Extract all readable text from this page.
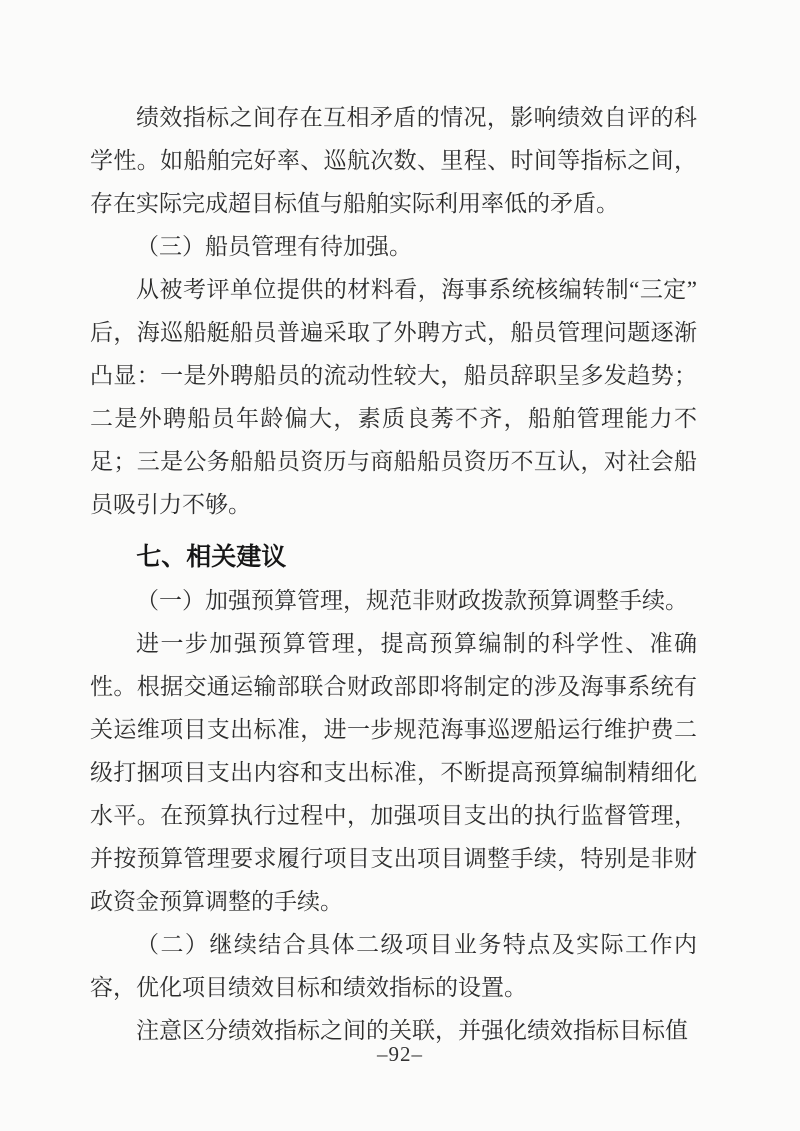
绩效指标之间存在互相矛盾的情况，影响绩效自评的科学性。如船舶完好率、巡航次数、里程、时间等指标之间，存在实际完成超目标值与船舶实际利用率低的矛盾。

（三）船员管理有待加强。

从被考评单位提供的材料看，海事系统核编转制“三定”后，海巡船艇船员普遍采取了外聘方式，船员管理问题逐渐凸显：一是外聘船员的流动性较大，船员辞职呈多发趋势；二是外聘船员年龄偏大，素质良莠不齐，船舶管理能力不足；三是公务船船员资历与商船船员资历不互认，对社会船员吸引力不够。

七、相关建议

（一）加强预算管理，规范非财政拨款预算调整手续。

进一步加强预算管理，提高预算编制的科学性、准确性。根据交通运输部联合财政部即将制定的涉及海事系统有关运维项目支出标准，进一步规范海事巡逻船运行维护费二级打捆项目支出内容和支出标准，不断提高预算编制精细化水平。在预算执行过程中，加强项目支出的执行监督管理，并按预算管理要求履行项目支出项目调整手续，特别是非财政资金预算调整的手续。

（二）继续结合具体二级项目业务特点及实际工作内容，优化项目绩效目标和绩效指标的设置。

注意区分绩效指标之间的关联，并强化绩效指标目标值

–92–
